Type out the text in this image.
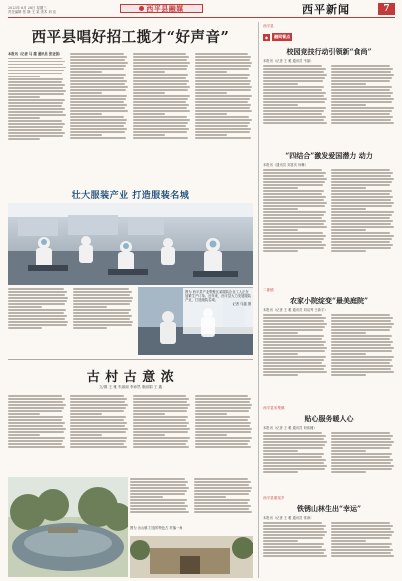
2023年 6月 28日 星期三
责任编辑 张 静 王 某 美术 刘 佳	西平县融媒	西平新闻	7
西平县唱好招工揽才“好声音”

本报讯（记者 马 越 通讯员 张亚强）

壮大服装产业 打造服装名城
图为 西平县产业集聚区某服装企业工人正在加紧生产订单。近年来，西平县大力发展服装产业，打造服装名城。
记者 马越 摄
古 村 古 意 浓
文/图 王 雅 朱丽丽 李沛然 康丽娟 王 鑫
图为 出山镇 打造的特色古 村落一角
西平县
◆	融网看点
校园竞技行动引领新“食尚”
本报讯（记者 王 雅 通讯员 韦丽）
“四结合”激发爱国潜力 动力
本报讯（通讯员 刘喜庆 杨琳）
二郎镇
农家小院绽变“最美庭院”
本报讯（记者 王 雅 通讯员 刘双秀 王新宇）
西平县宋集镇
贴心服务暖人心
本报讯（记者 王 雅 通讯员 何伟楠）
西平县重渠乡
铁锈山林生出“幸运”
本报讯（记者 王 雅 通讯员 常涛）
